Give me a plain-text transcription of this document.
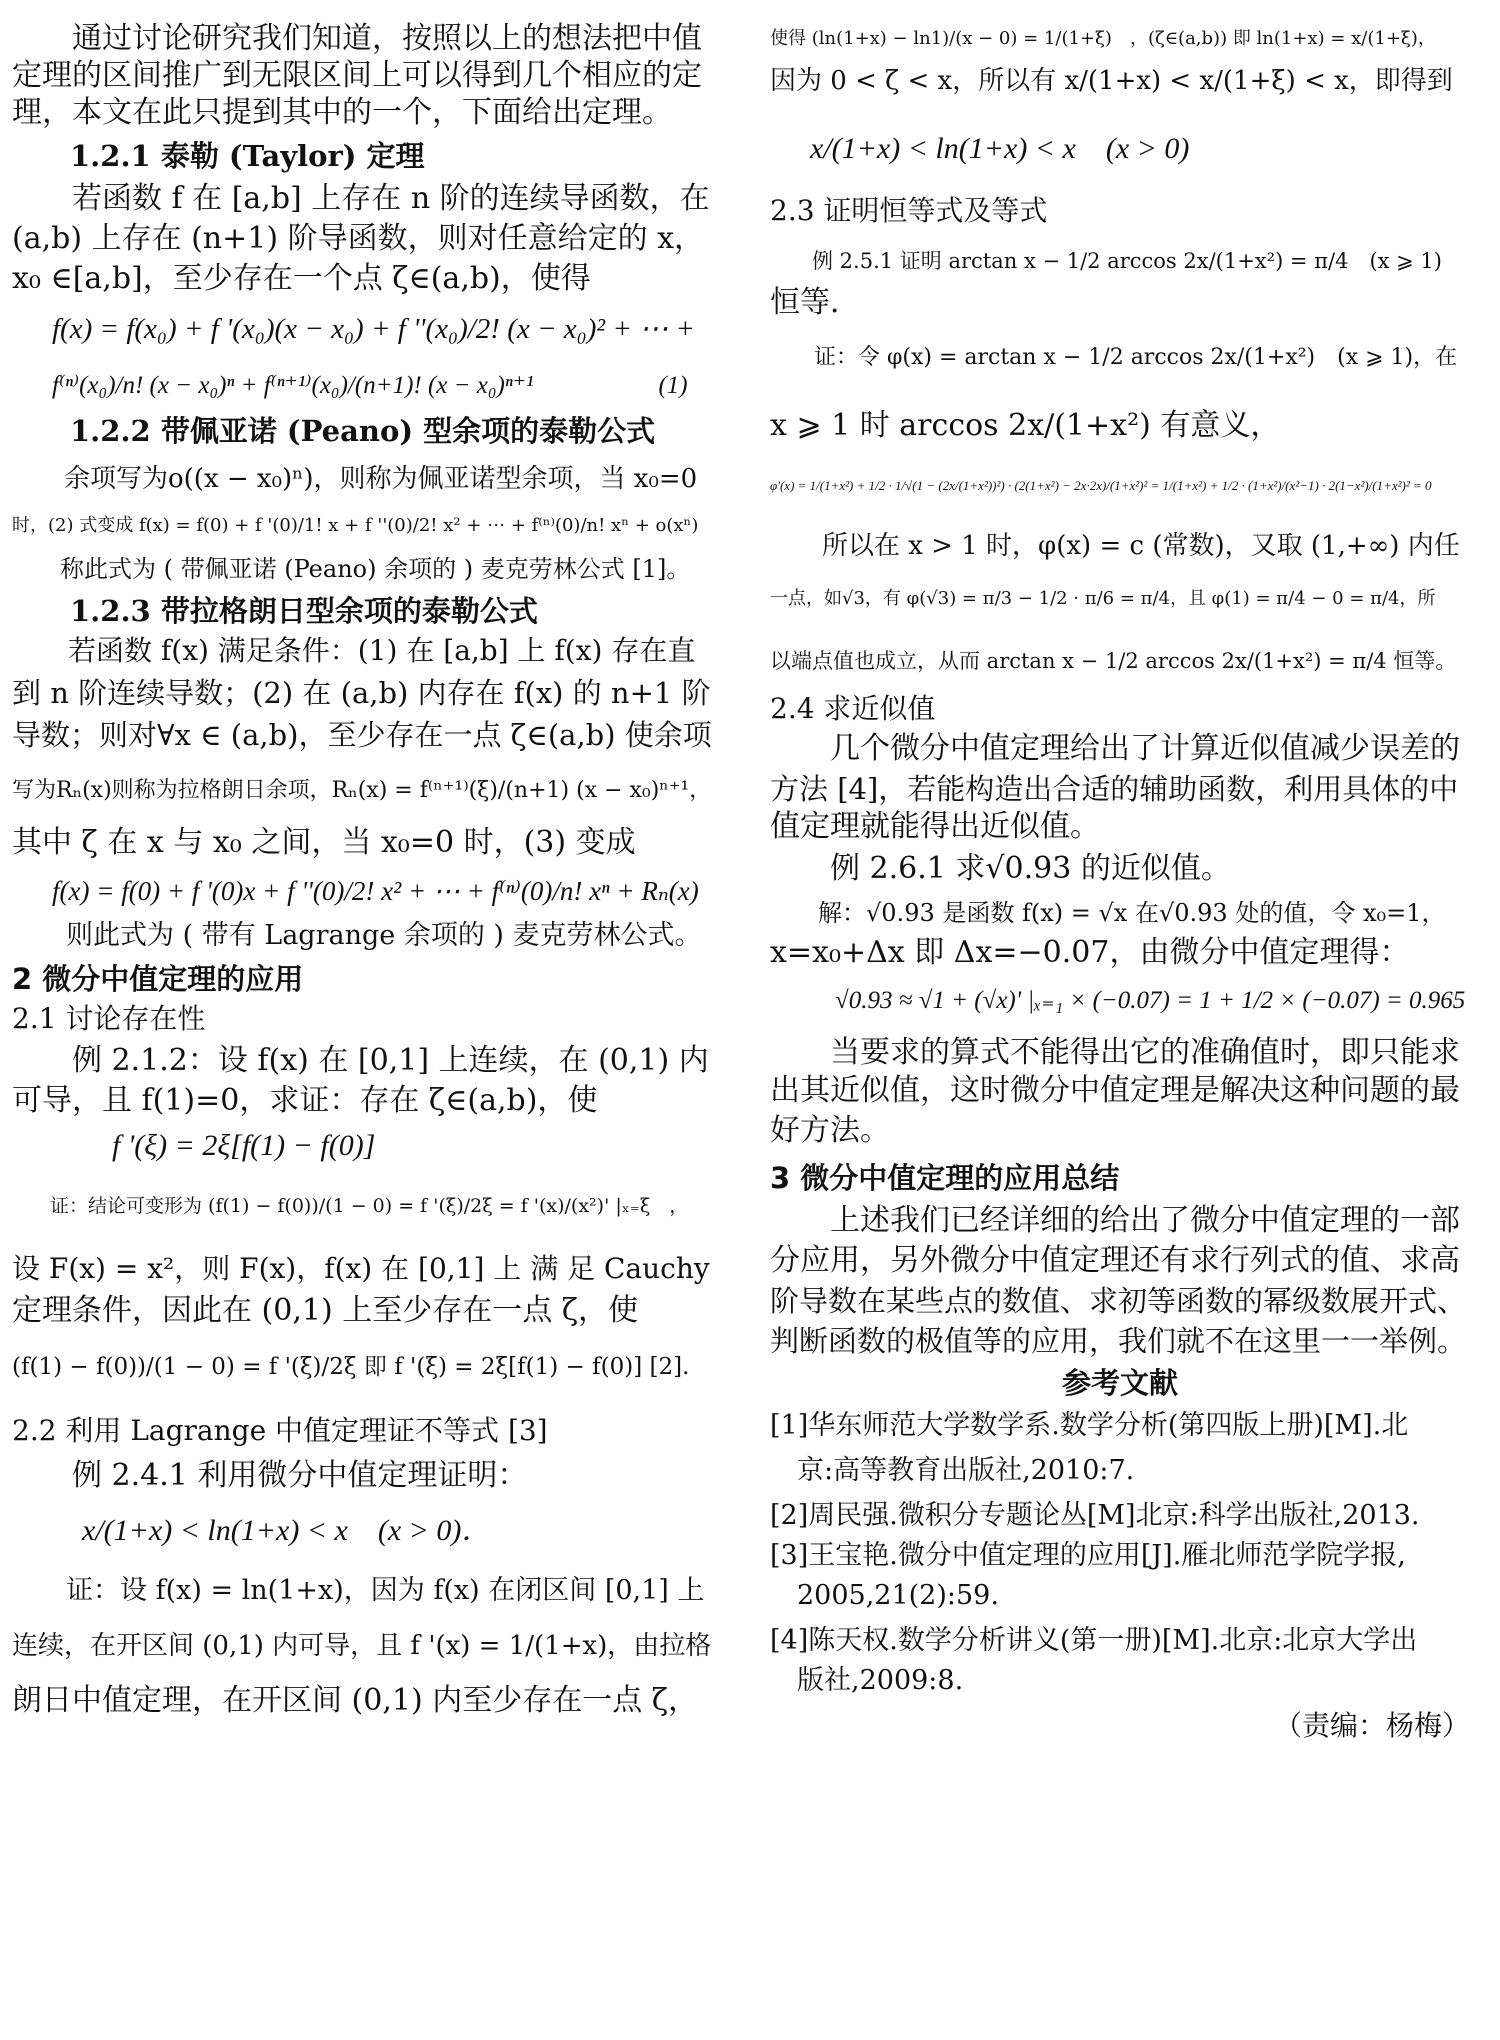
　　通过讨论研究我们知道，按照以上的想法把中值
定理的区间推广到无限区间上可以得到几个相应的定
理，本文在此只提到其中的一个，下面给出定理。
　　1.2.1 泰勒 (Taylor) 定理
　　若函数 f 在 [a,b] 上存在 n 阶的连续导函数，在
(a,b) 上存在 (n+1) 阶导函数，则对任意给定的 x，
x₀ ∈[a,b]，至少存在一个点 ζ∈(a,b)，使得
f(x) = f(x₀) + f '(x₀)(x − x₀) + f ''(x₀)/2! (x − x₀)² + ⋯ +
f⁽ⁿ⁾(x₀)/n! (x − x₀)ⁿ + f⁽ⁿ⁺¹⁾(x₀)/(n+1)! (x − x₀)ⁿ⁺¹　　　　　(1)
　　1.2.2 带佩亚诺 (Peano) 型余项的泰勒公式
　　余项写为o((x − x₀)ⁿ)，则称为佩亚诺型余项，当 x₀=0
时，(2) 式变成 f(x) = f(0) + f '(0)/1! x + f ''(0)/2! x² + ⋯ + f⁽ⁿ⁾(0)/n! xⁿ + o(xⁿ)
　　称此式为 ( 带佩亚诺 (Peano) 余项的 ) 麦克劳林公式 [1]。
　　1.2.3 带拉格朗日型余项的泰勒公式
　　若函数 f(x) 满足条件：(1) 在 [a,b] 上 f(x) 存在直
到 n 阶连续导数；(2) 在 (a,b) 内存在 f(x) 的 n+1 阶
导数；则对∀x ∈ (a,b)，至少存在一点 ζ∈(a,b) 使余项
写为Rₙ(x)则称为拉格朗日余项，Rₙ(x) = f⁽ⁿ⁺¹⁾(ξ)/(n+1) (x − x₀)ⁿ⁺¹，
其中 ζ 在 x 与 x₀ 之间，当 x₀=0 时，(3) 变成
f(x) = f(0) + f '(0)x + f ''(0)/2! x² + ⋯ + f⁽ⁿ⁾(0)/n! xⁿ + Rₙ(x)
　　则此式为 ( 带有 Lagrange 余项的 ) 麦克劳林公式。
2 微分中值定理的应用
2.1 讨论存在性
　　例 2.1.2：设 f(x) 在 [0,1] 上连续，在 (0,1) 内
可导，且 f(1)=0，求证：存在 ζ∈(a,b)，使
　　f '(ξ) = 2ξ[f(1) − f(0)]
　　证：结论可变形为 (f(1) − f(0))/(1 − 0) = f '(ξ)/2ξ = f '(x)/(x²)' |ₓ₌ξ　，
设 F(x) = x²，则 F(x)，f(x) 在 [0,1] 上 满 足 Cauchy
定理条件，因此在 (0,1) 上至少存在一点 ζ，使
(f(1) − f(0))/(1 − 0) = f '(ξ)/2ξ 即 f '(ξ) = 2ξ[f(1) − f(0)] [2].
2.2 利用 Lagrange 中值定理证不等式 [3]
　　例 2.4.1 利用微分中值定理证明：
　x/(1+x) < ln(1+x) < x　(x > 0)．
　　证：设 f(x) = ln(1+x)，因为 f(x) 在闭区间 [0,1] 上
连续，在开区间 (0,1) 内可导，且 f '(x) = 1/(1+x)，由拉格
朗日中值定理，在开区间 (0,1) 内至少存在一点 ζ，
使得 (ln(1+x) − ln1)/(x − 0) = 1/(1+ξ)　，(ζ∈(a,b)) 即 ln(1+x) = x/(1+ξ)，
因为 0 < ζ < x，所以有 x/(1+x) < x/(1+ξ) < x，即得到
x/(1+x) < ln(1+x) < x　(x > 0)
2.3 证明恒等式及等式
　　例 2.5.1 证明 arctan x − 1/2 arccos 2x/(1+x²) = π/4　(x ⩾ 1)
恒等．
　　证：令 φ(x) = arctan x − 1/2 arccos 2x/(1+x²)　(x ⩾ 1)，在
x ⩾ 1 时 arccos 2x/(1+x²) 有意义，
φ'(x) = 1/(1+x²) + 1/2 · 1/√(1 − (2x/(1+x²))²) · (2(1+x²) − 2x·2x)/(1+x²)² = 1/(1+x²) + 1/2 · (1+x²)/(x²−1) · 2(1−x²)/(1+x²)² = 0
　　所以在 x > 1 时，φ(x) = c (常数)，又取 (1,+∞) 内任
一点，如√3，有 φ(√3) = π/3 − 1/2 · π/6 = π/4，且 φ(1) = π/4 − 0 = π/4，所
以端点值也成立，从而 arctan x − 1/2 arccos 2x/(1+x²) = π/4 恒等。
2.4 求近似值
　　几个微分中值定理给出了计算近似值减少误差的
方法 [4]，若能构造出合适的辅助函数，利用具体的中
值定理就能得出近似值。
　　例 2.6.1 求√0.93 的近似值。
　　解：√0.93 是函数 f(x) = √x 在√0.93 处的值，令 x₀=1，
x=x₀+Δx 即 Δx=−0.07，由微分中值定理得：
　√0.93 ≈ √1 + (√x)' |ₓ₌₁ × (−0.07) = 1 + 1/2 × (−0.07) = 0.965
　　当要求的算式不能得出它的准确值时，即只能求
出其近似值，这时微分中值定理是解决这种问题的最
好方法。
3 微分中值定理的应用总结
　　上述我们已经详细的给出了微分中值定理的一部
分应用，另外微分中值定理还有求行列式的值、求高
阶导数在某些点的数值、求初等函数的幂级数展开式、
判断函数的极值等的应用，我们就不在这里一一举例。
参考文献
[1]华东师范大学数学系.数学分析(第四版上册)[M].北
　京:高等教育出版社,2010:7.
[2]周民强.微积分专题论丛[M]北京:科学出版社,2013.
[3]王宝艳.微分中值定理的应用[J].雁北师范学院学报,
　2005,21(2):59.
[4]陈天权.数学分析讲义(第一册)[M].北京:北京大学出
　版社,2009:8.
（责编：杨梅）
